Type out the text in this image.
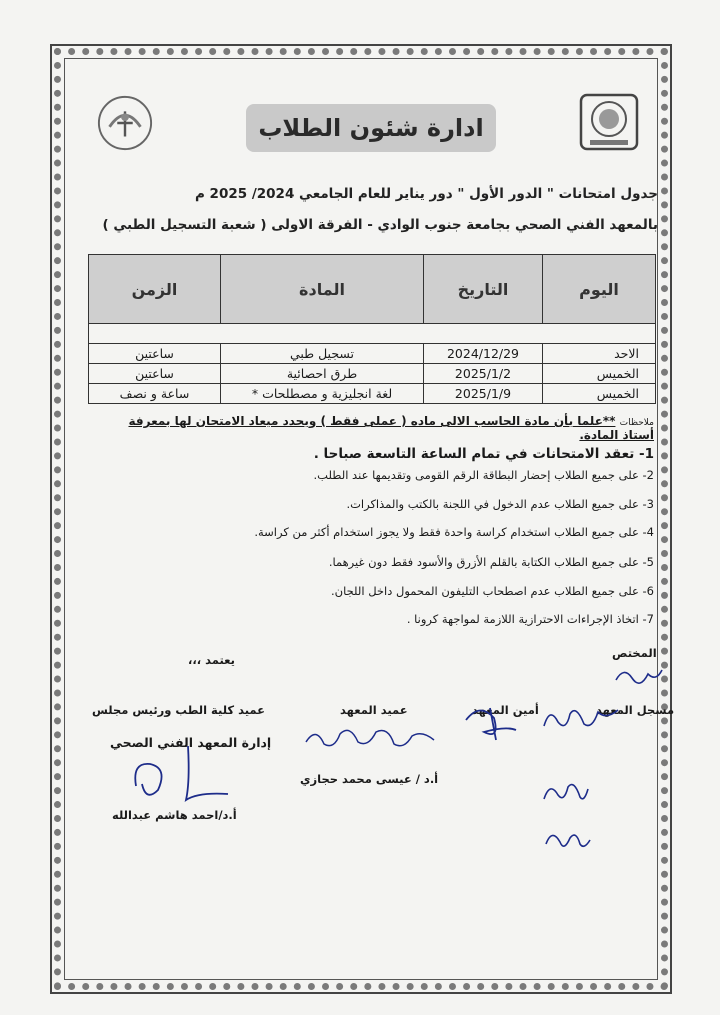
ادارة شئون الطلاب
جدول امتحانات " الدور الأول " دور يناير للعام الجامعي 2024/ 2025 م
بالمعهد الفني الصحي بجامعة جنوب الوادي - الفرقة الاولى ( شعبة التسجيل الطبي )
اليوم	التاريخ	المادة	الزمن

الاحد	2024/12/29	تسجيل طبي	ساعتين
الخميس	2025/1/2	طرق احصائية	ساعتين
الخميس	2025/1/9	لغة انجليزية و مصطلحات *	ساعة و نصف
ملاحظات **علما بأن مادة الحاسب الالى ماده ( عملى فقط ) ويحدد ميعاد الامتحان لها بمعرفة أستاذ المادة.
1- تعقد الامتحانات في تمام الساعة التاسعة صباحا .
2- على جميع الطلاب إحضار البطاقة الرقم القومى وتقديمها عند الطلب.
3- على جميع الطلاب عدم الدخول في اللجنة بالكتب والمذاكرات.
4- على جميع الطلاب استخدام كراسة واحدة فقط ولا يجوز استخدام أكثر من كراسة.
5- على جميع الطلاب الكتابة بالقلم الأزرق والأسود فقط دون غيرهما.
6- على جميع الطلاب عدم اصطحاب التليفون المحمول داخل اللجان.
7- اتخاذ الإجراءات الاحترازية اللازمة لمواجهة كرونا .
يعتمد ،،،	المختص
مسجل المعهد
أمين المعهد
عميد المعهد
عميد كلية الطب ورئيس مجلس
إدارة المعهد الفني الصحي
أ.د / عيسى محمد حجازي
أ.د/احمد هاشم عبدالله
